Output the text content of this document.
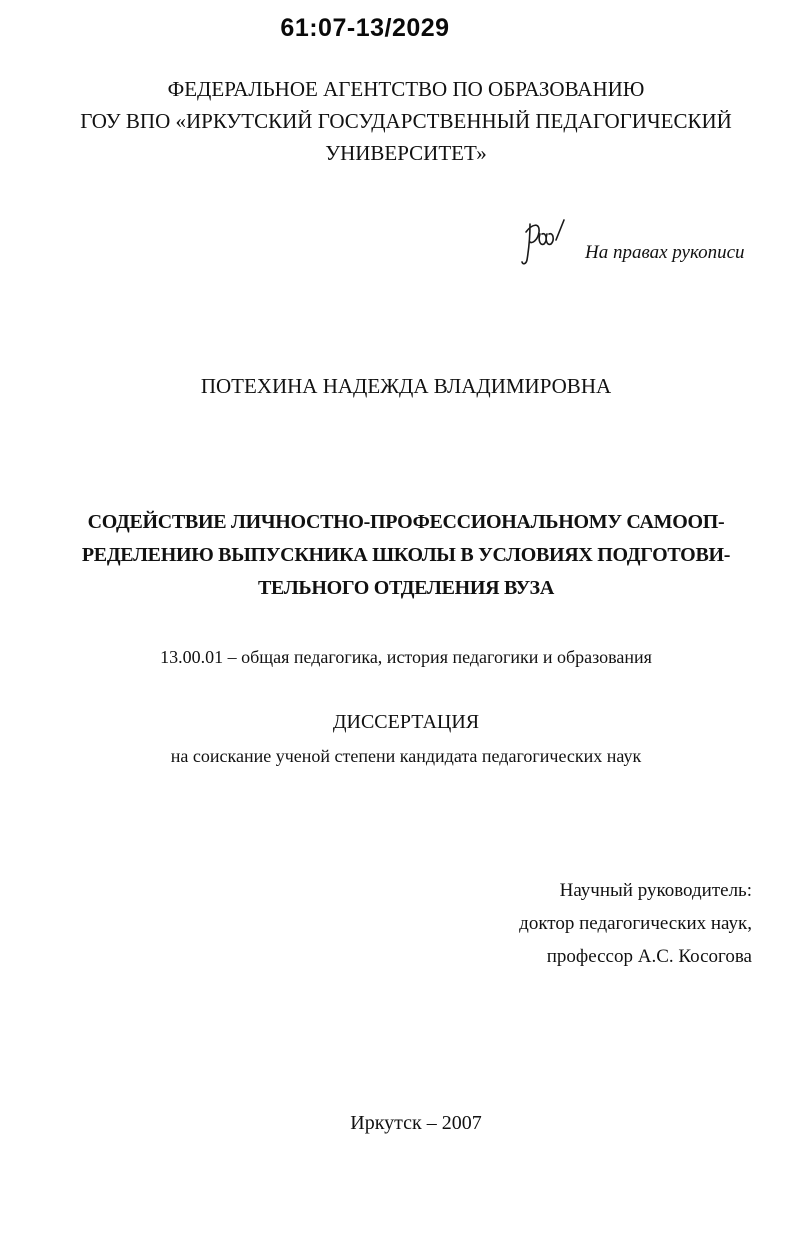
61:07-13/2029

ФЕДЕРАЛЬНОЕ АГЕНТСТВО ПО ОБРАЗОВАНИЮ

ГОУ ВПО «ИРКУТСКИЙ ГОСУДАРСТВЕННЫЙ ПЕДАГОГИЧЕСКИЙ

УНИВЕРСИТЕТ»

На правах рукописи

ПОТЕХИНА НАДЕЖДА ВЛАДИМИРОВНА

СОДЕЙСТВИЕ ЛИЧНОСТНО-ПРОФЕССИОНАЛЬНОМУ САМООП-

РЕДЕЛЕНИЮ ВЫПУСКНИКА ШКОЛЫ В УСЛОВИЯХ ПОДГОТОВИ-

ТЕЛЬНОГО ОТДЕЛЕНИЯ ВУЗА

13.00.01 – общая педагогика, история педагогики и образования

ДИССЕРТАЦИЯ

на соискание ученой степени кандидата педагогических наук

Научный руководитель:

доктор педагогических наук,

профессор А.С. Косогова

Иркутск – 2007
